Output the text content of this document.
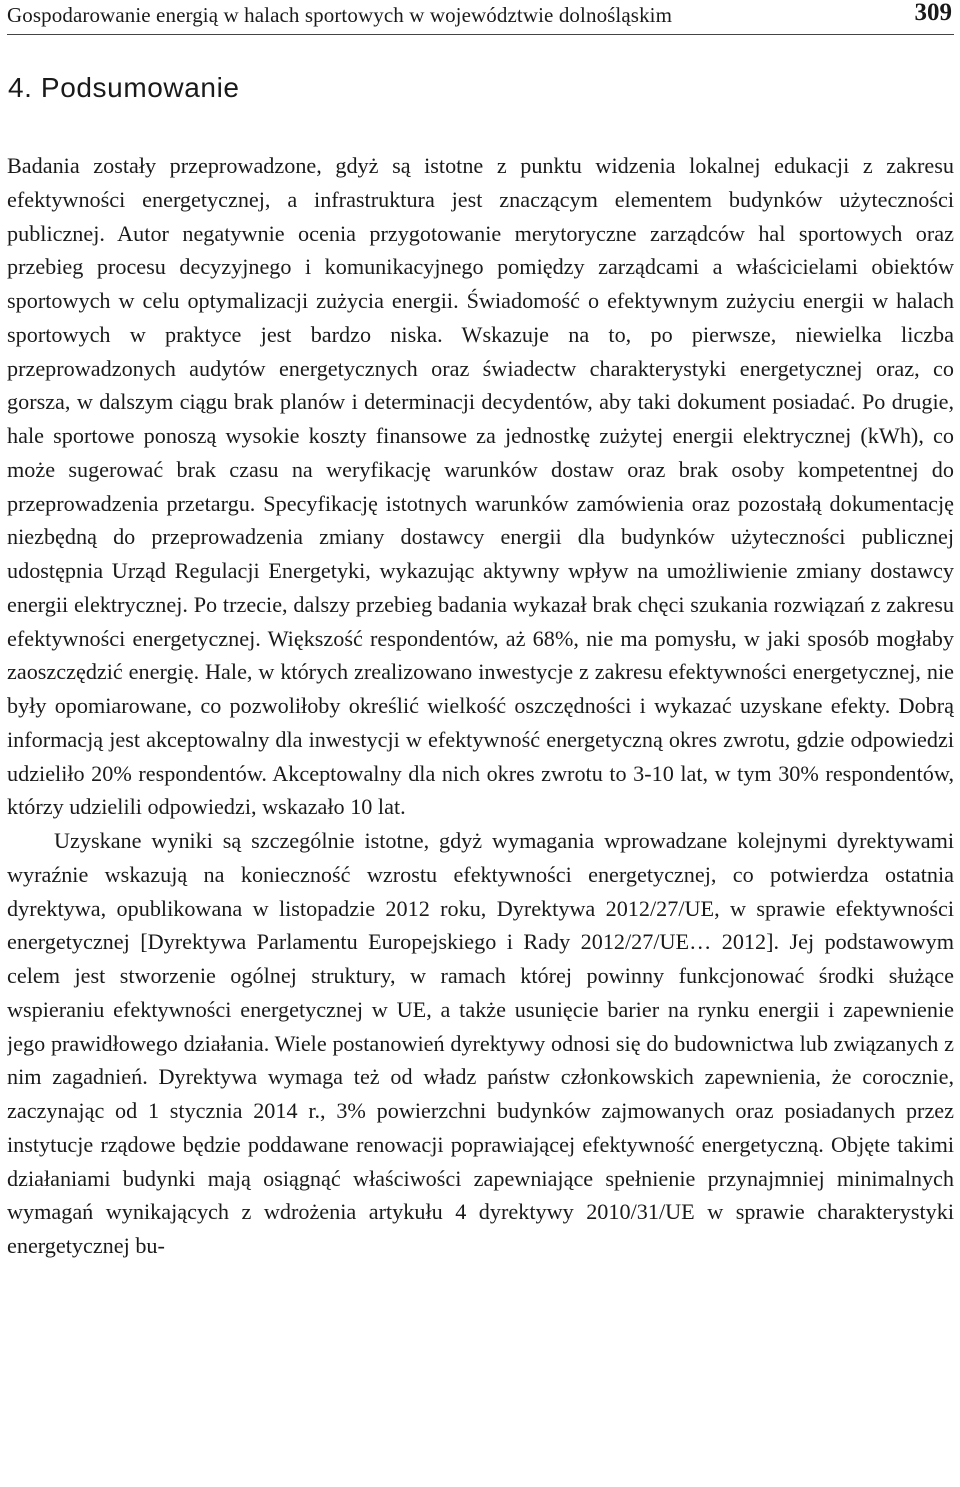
Gospodarowanie energią w halach sportowych w województwie dolnośląskim	309
4. Podsumowanie

Badania zostały przeprowadzone, gdyż są istotne z punktu widzenia lokalnej edukacji z zakresu efektywności energetycznej, a infrastruktura jest znaczącym elementem budynków użyteczności publicznej. Autor negatywnie ocenia przygotowanie merytoryczne zarządców hal sportowych oraz przebieg procesu decyzyjnego i komunikacyjnego pomiędzy zarządcami a właścicielami obiektów sportowych w celu optymalizacji zużycia energii. Świadomość o efektywnym zużyciu energii w halach sportowych w praktyce jest bardzo niska. Wskazuje na to, po pierwsze, niewielka liczba przeprowadzonych audytów energetycznych oraz świadectw charakterystyki energetycznej oraz, co gorsza, w dalszym ciągu brak planów i determinacji decydentów, aby taki dokument posiadać. Po drugie, hale sportowe ponoszą wysokie koszty finansowe za jednostkę zużytej energii elektrycznej (kWh), co może sugerować brak czasu na weryfikację warunków dostaw oraz brak osoby kompetentnej do przeprowadzenia przetargu. Specyfikację istotnych warunków zamówienia oraz pozostałą dokumentację niezbędną do przeprowadzenia zmiany dostawcy energii dla budynków użyteczności publicznej udostępnia Urząd Regulacji Energetyki, wykazując aktywny wpływ na umożliwienie zmiany dostawcy energii elektrycznej. Po trzecie, dalszy przebieg badania wykazał brak chęci szukania rozwiązań z zakresu efektywności energetycznej. Większość respondentów, aż 68%, nie ma pomysłu, w jaki sposób mogłaby zaoszczędzić energię. Hale, w których zrealizowano inwestycje z zakresu efektywności energetycznej, nie były opomiarowane, co pozwoliłoby określić wielkość oszczędności i wykazać uzyskane efekty. Dobrą informacją jest akceptowalny dla inwestycji w efektywność energetyczną okres zwrotu, gdzie odpowiedzi udzieliło 20% respondentów. Akceptowalny dla nich okres zwrotu to 3-10 lat, w tym 30% respondentów, którzy udzielili odpowiedzi, wskazało 10 lat.

Uzyskane wyniki są szczególnie istotne, gdyż wymagania wprowadzane kolejnymi dyrektywami wyraźnie wskazują na konieczność wzrostu efektywności energetycznej, co potwierdza ostatnia dyrektywa, opublikowana w listopadzie 2012 roku, Dyrektywa 2012/27/UE, w sprawie efektywności energetycznej [Dyrektywa Parlamentu Europejskiego i Rady 2012/27/UE… 2012]. Jej podstawowym celem jest stworzenie ogólnej struktury, w ramach której powinny funkcjonować środki służące wspieraniu efektywności energetycznej w UE, a także usunięcie barier na rynku energii i zapewnienie jego prawidłowego działania. Wiele postanowień dyrektywy odnosi się do budownictwa lub związanych z nim zagadnień. Dyrektywa wymaga też od władz państw członkowskich zapewnienia, że corocznie, zaczynając od 1 stycznia 2014 r., 3% powierzchni budynków zajmowanych oraz posiadanych przez instytucje rządowe będzie poddawane renowacji poprawiającej efektywność energetyczną. Objęte takimi działaniami budynki mają osiągnąć właściwości zapewniające spełnienie przynajmniej minimalnych wymagań wynikających z wdrożenia artykułu 4 dyrektywy 2010/31/UE w sprawie charakterystyki energetycznej bu-
